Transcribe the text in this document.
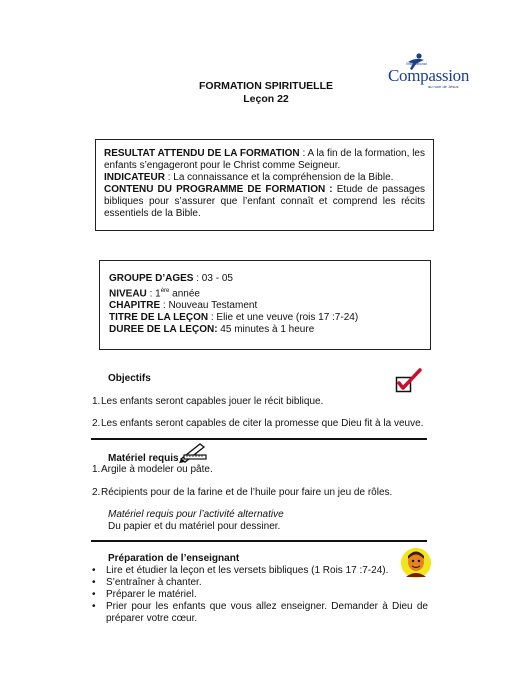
FORMATION SPIRITUELLE
Leçon 22
l'international
Compassion
au nom de Jésus

RESULTAT ATTENDU DE LA FORMATION : A la fin de la formation, les enfants s’engageront pour le Christ comme Seigneur.

INDICATEUR : La connaissance et la compréhension de la Bible.

CONTENU DU PROGRAMME DE FORMATION : Etude de passages bibliques pour s’assurer que l’enfant connaît et comprend les récits essentiels de la Bible.

GROUPE D’AGES : 03 - 05

NIVEAU : 1ère année

CHAPITRE : Nouveau Testament

TITRE DE LA LEÇON : Elie et une veuve (rois 17 :7-24)

DUREE DE LA LEÇON: 45 minutes à 1 heure

Objectifs
1.Les enfants seront capables jouer le récit biblique.
2.Les enfants seront capables de citer la promesse que Dieu fit à la veuve.
Matériel requis
1.Argile à modeler ou pâte.
2.Récipients pour de la farine et de l’huile pour faire un jeu de rôles.
Matériel requis pour l’activité alternative
Du papier et du matériel pour dessiner.
Préparation de l’enseignant
• Lire et étudier la leçon et les versets bibliques (1 Rois 17 :7-24).
• S’entraîner à chanter.
• Préparer le matériel.
• Prier pour les enfants que vous allez enseigner. Demander à Dieu de préparer votre cœur.
